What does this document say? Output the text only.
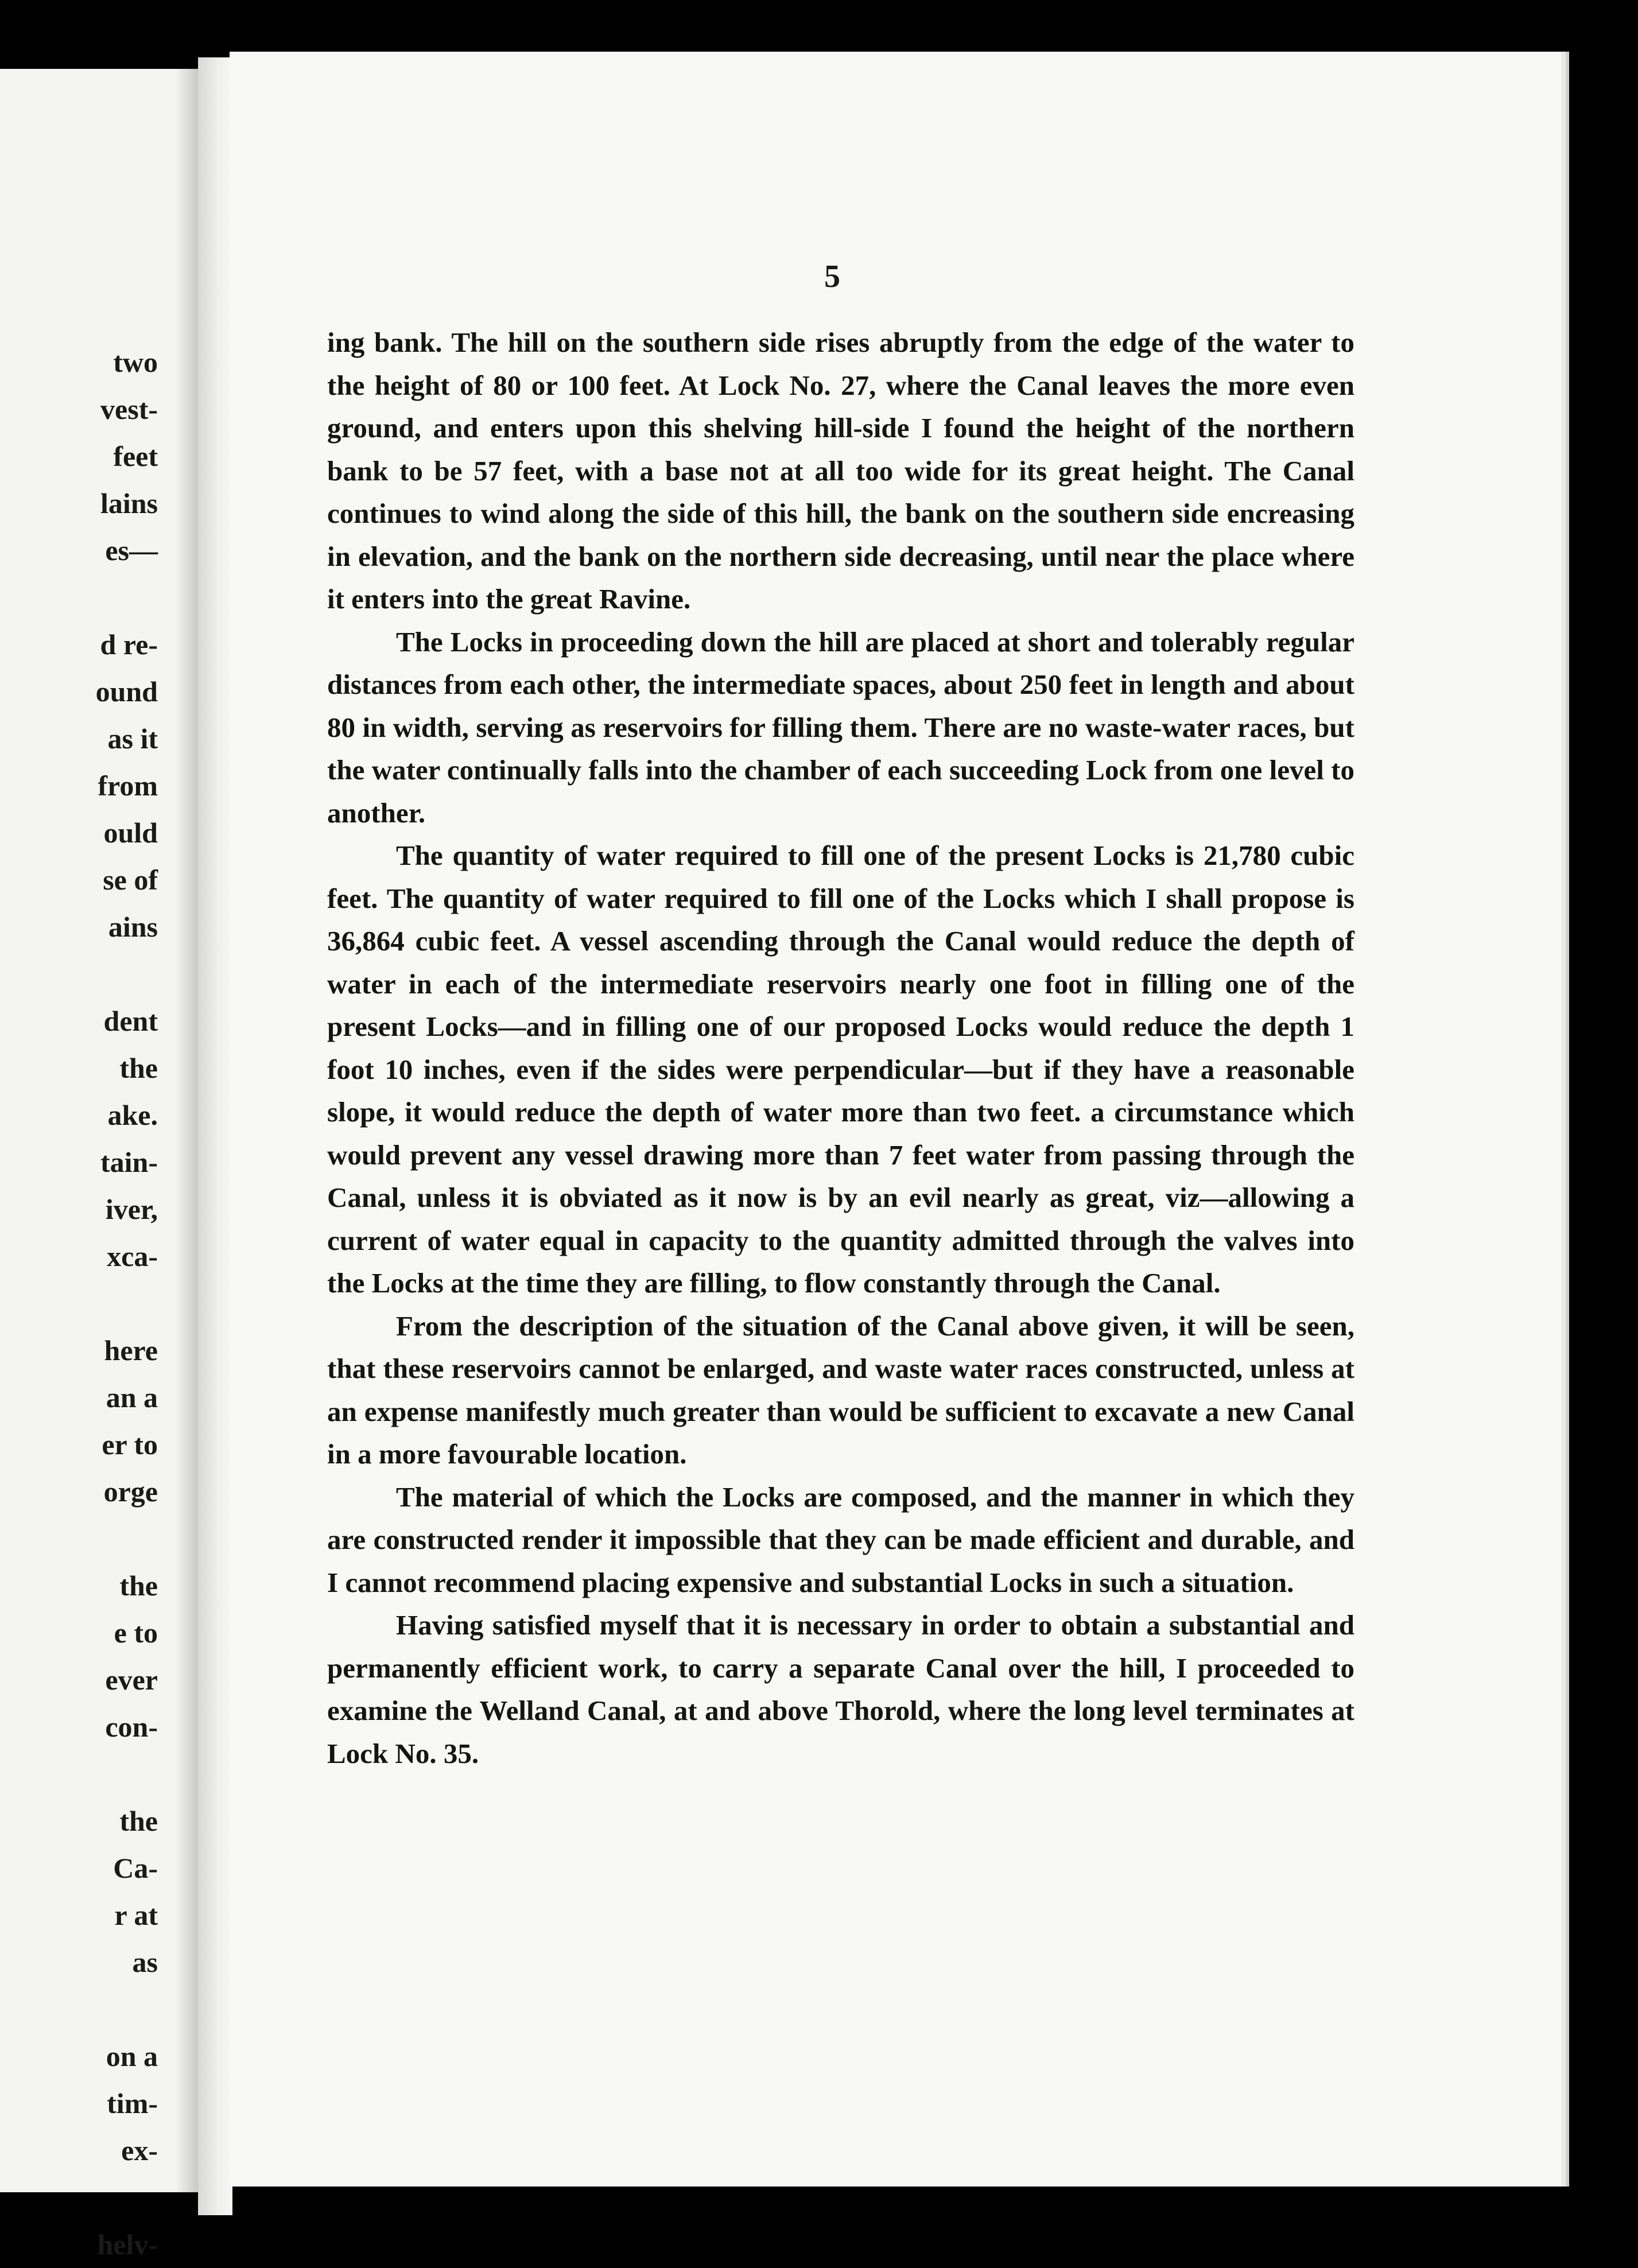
two
vest-
feet
lains
es—
d re-
ound
as it
from
ould
se of
ains
dent
the
ake.
tain-
iver,
xca-
here
an a
er to
orge
the
e to
ever
con-
the
Ca-
r at
as
on a
tim-
ex-
helv-
5

ing bank. The hill on the southern side rises abruptly from the edge of the water to the height of 80 or 100 feet. At Lock No. 27, where the Canal leaves the more even ground, and enters upon this shelving hill-side I found the height of the northern bank to be 57 feet, with a base not at all too wide for its great height. The Canal continues to wind along the side of this hill, the bank on the southern side encreasing in elevation, and the bank on the northern side decreasing, until near the place where it enters into the great Ravine.

The Locks in proceeding down the hill are placed at short and tolerably regular distances from each other, the intermediate spaces, about 250 feet in length and about 80 in width, serving as reservoirs for filling them. There are no waste-water races, but the water continually falls into the chamber of each succeeding Lock from one level to another.

The quantity of water required to fill one of the present Locks is 21,780 cubic feet. The quantity of water required to fill one of the Locks which I shall propose is 36,864 cubic feet. A vessel ascending through the Canal would reduce the depth of water in each of the intermediate reservoirs nearly one foot in filling one of the present Locks—and in filling one of our proposed Locks would reduce the depth 1 foot 10 inches, even if the sides were perpendicular—but if they have a reasonable slope, it would reduce the depth of water more than two feet. a circumstance which would prevent any vessel drawing more than 7 feet water from passing through the Canal, unless it is obviated as it now is by an evil nearly as great, viz—allowing a current of water equal in capacity to the quantity admitted through the valves into the Locks at the time they are filling, to flow constantly through the Canal.

From the description of the situation of the Canal above given, it will be seen, that these reservoirs cannot be enlarged, and waste water races constructed, unless at an expense manifestly much greater than would be sufficient to excavate a new Canal in a more favourable location.

The material of which the Locks are composed, and the manner in which they are constructed render it impossible that they can be made efficient and durable, and I cannot recommend placing expensive and substantial Locks in such a situation.

Having satisfied myself that it is necessary in order to obtain a substantial and permanently efficient work, to carry a separate Canal over the hill, I proceeded to examine the Welland Canal, at and above Thorold, where the long level terminates at Lock No. 35.
